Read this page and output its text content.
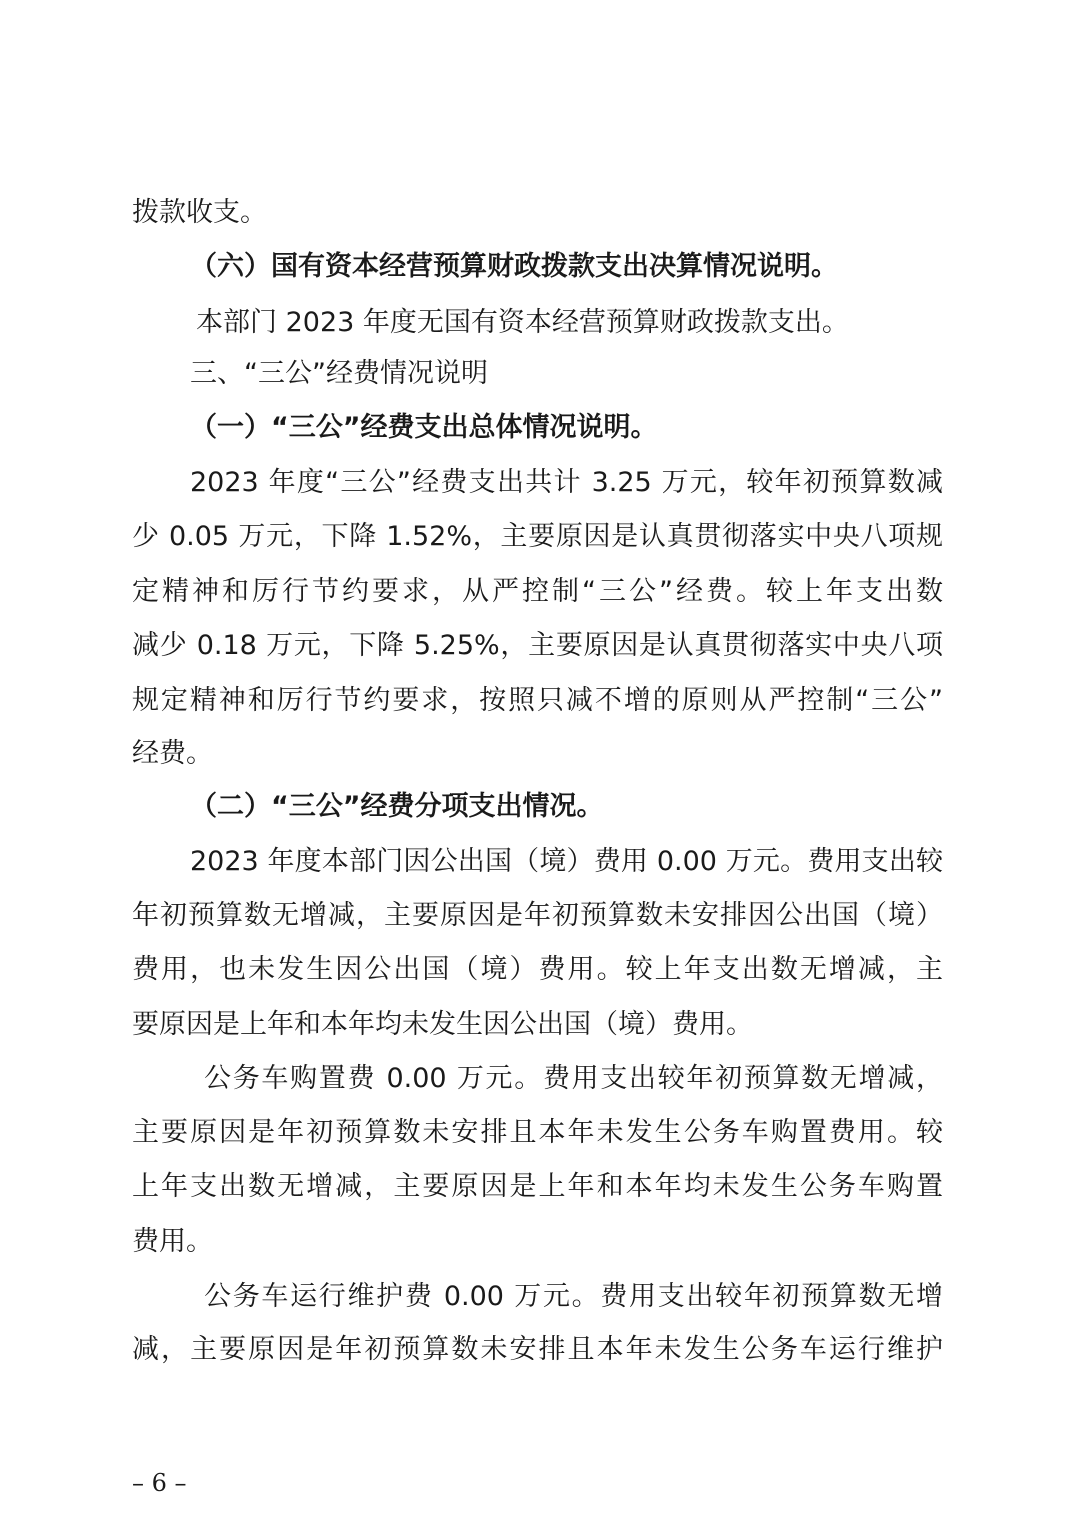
拨款收支。
（六）国有资本经营预算财政拨款支出决算情况说明。
本部门 2023 年度无国有资本经营预算财政拨款支出。
三、“三公”经费情况说明
（一）“三公”经费支出总体情况说明。
2023 年度“三公”经费支出共计 3.25 万元，较年初预算数减
少 0.05 万元，下降 1.52%，主要原因是认真贯彻落实中央八项规
定精神和厉行节约要求，从严控制“三公”经费。较上年支出数
减少 0.18 万元，下降 5.25%，主要原因是认真贯彻落实中央八项
规定精神和厉行节约要求，按照只减不增的原则从严控制“三公”
经费。
（二）“三公”经费分项支出情况。
2023 年度本部门因公出国（境）费用 0.00 万元。费用支出较
年初预算数无增减，主要原因是年初预算数未安排因公出国（境）
费用，也未发生因公出国（境）费用。较上年支出数无增减，主
要原因是上年和本年均未发生因公出国（境）费用。
公务车购置费 0.00 万元。费用支出较年初预算数无增减，
主要原因是年初预算数未安排且本年未发生公务车购置费用。较
上年支出数无增减，主要原因是上年和本年均未发生公务车购置
费用。
公务车运行维护费 0.00 万元。费用支出较年初预算数无增
减，主要原因是年初预算数未安排且本年未发生公务车运行维护
– 6 –
